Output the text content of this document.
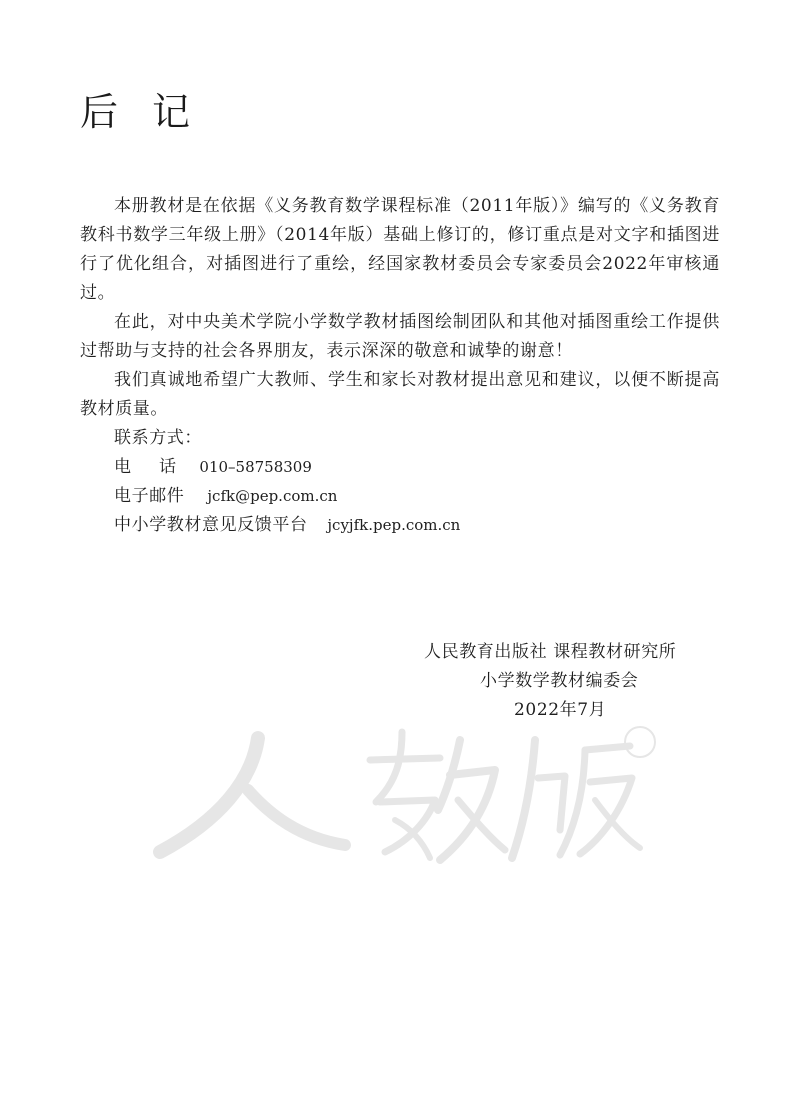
后记

本册教材是在依据《义务教育数学课程标准（2011年版）》编写的《义务教育教科书数学三年级上册》（2014年版）基础上修订的，修订重点是对文字和插图进行了优化组合，对插图进行了重绘，经国家教材委员会专家委员会2022年审核通过。

在此，对中央美术学院小学数学教材插图绘制团队和其他对插图重绘工作提供过帮助与支持的社会各界朋友，表示深深的敬意和诚挚的谢意！

我们真诚地希望广大教师、学生和家长对教材提出意见和建议，以便不断提高教材质量。

联系方式：
电话 010–58758309
电子邮件 jcfk@pep.com.cn
中小学教材意见反馈平台 jcyjfk.pep.com.cn
人民教育出版社 课程教材研究所
小学数学教材编委会
2022年7月
